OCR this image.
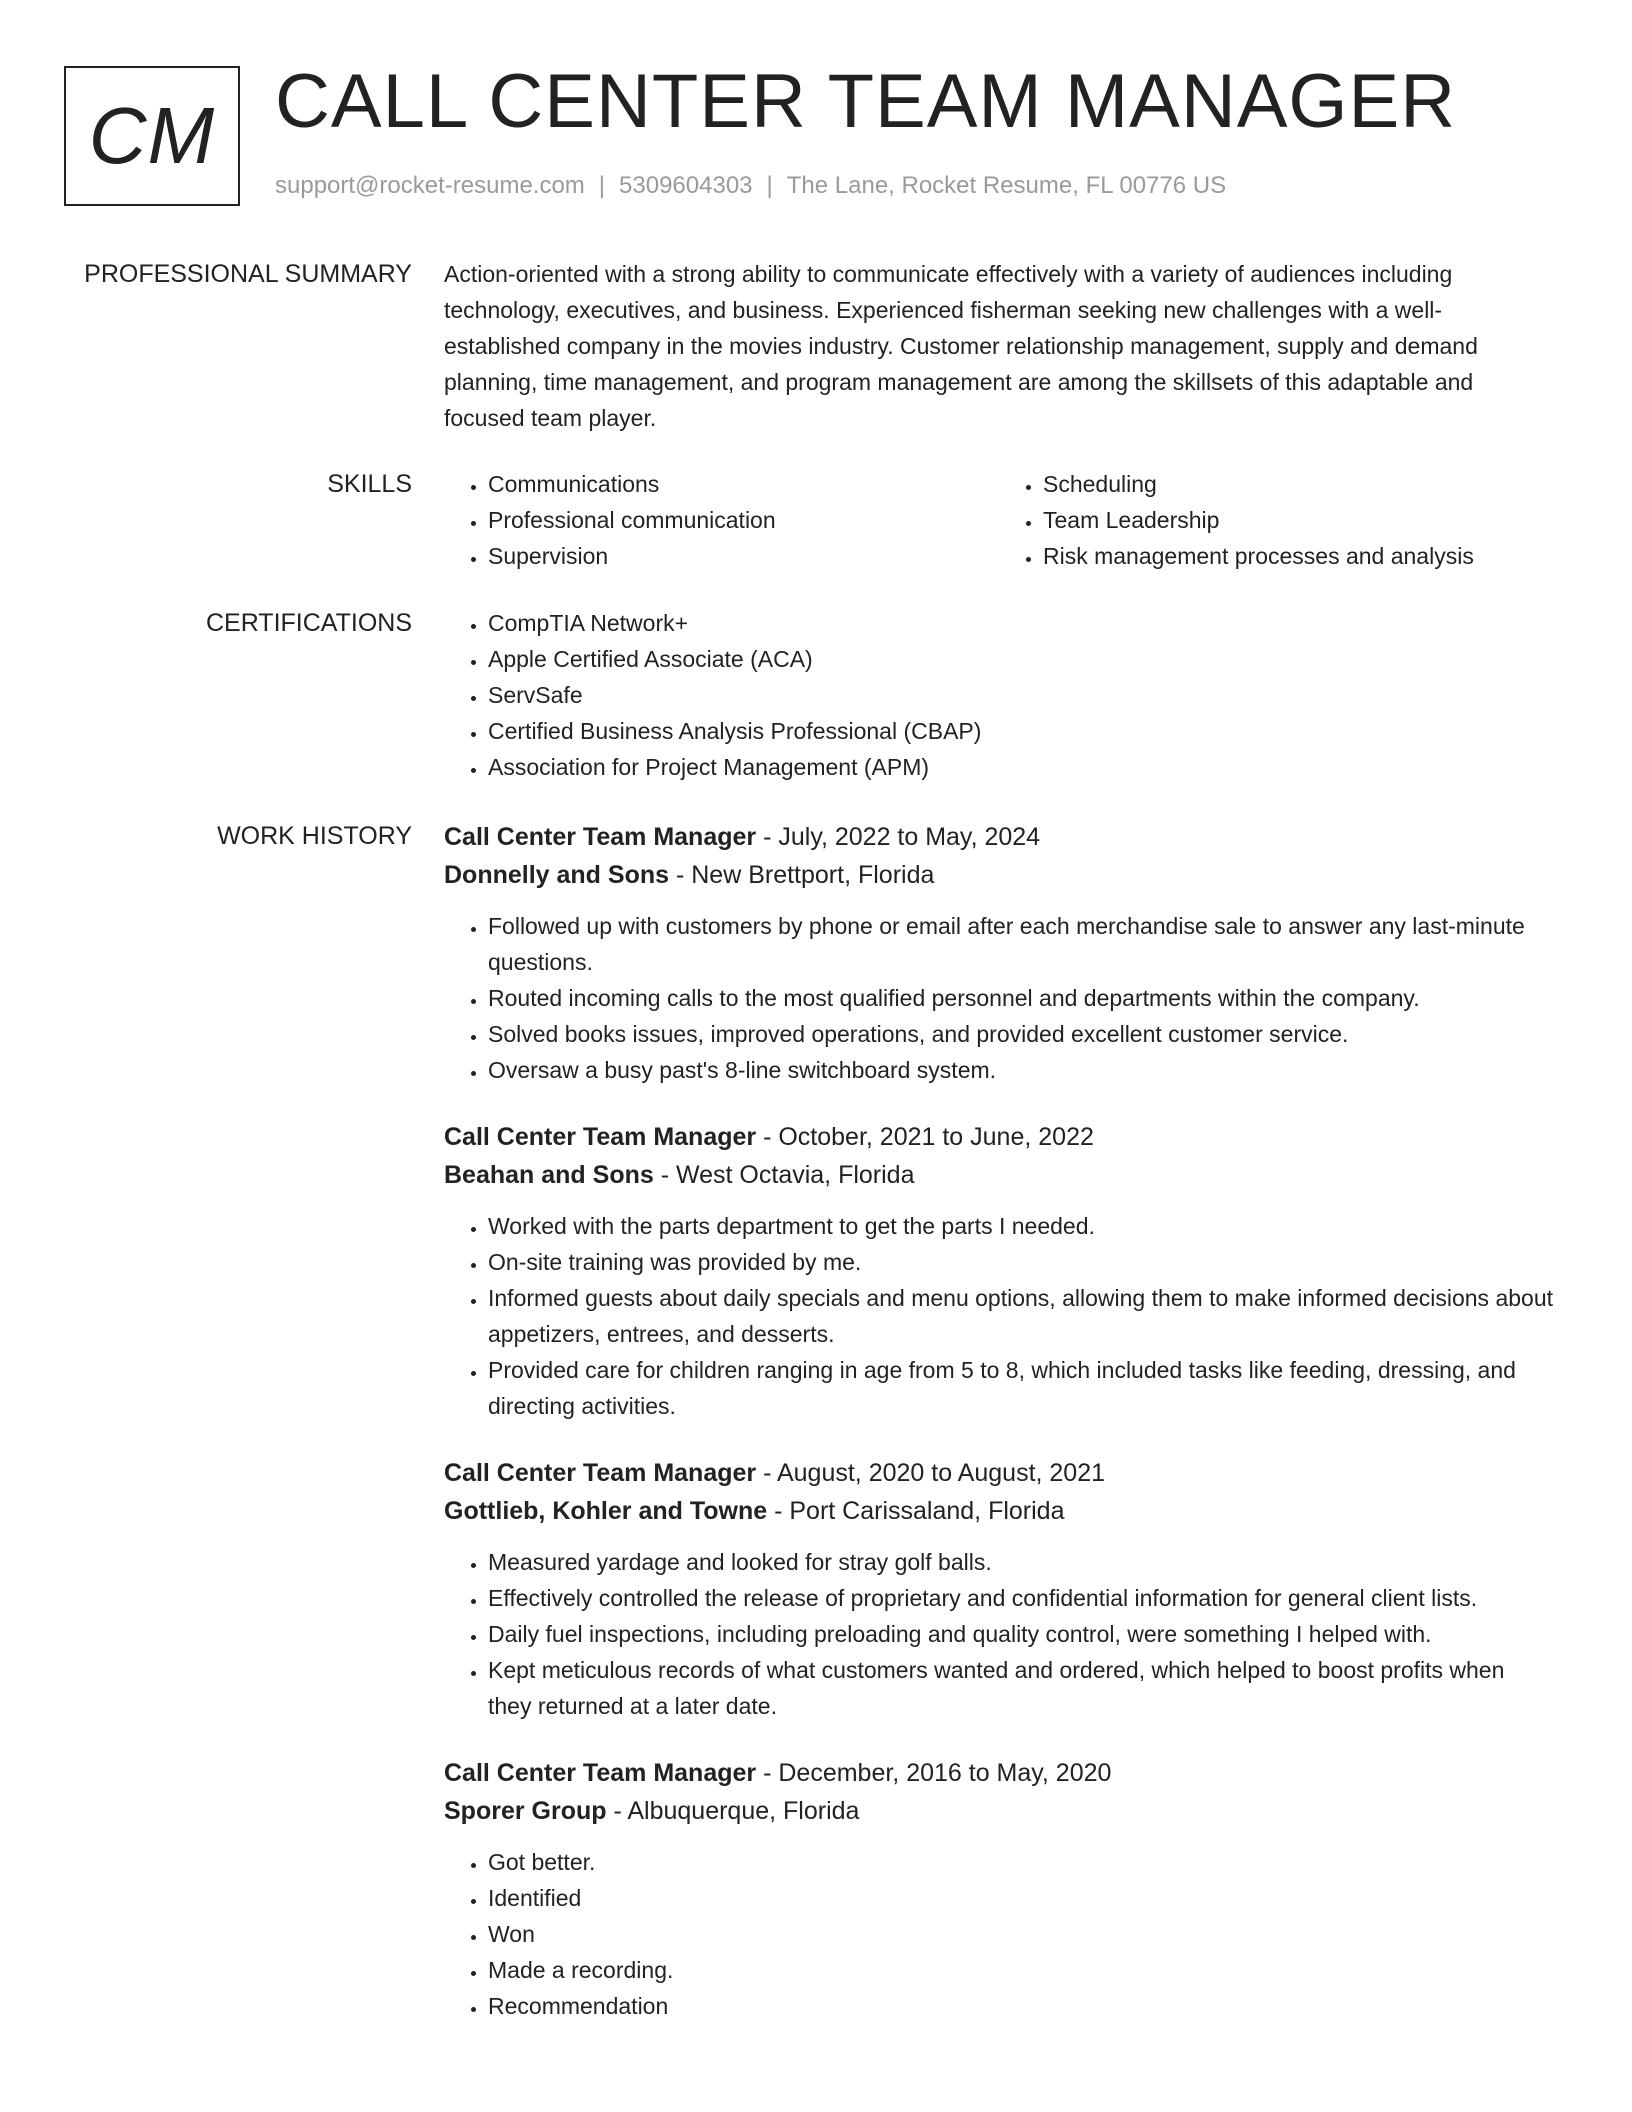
CM CALL CENTER TEAM MANAGER
support@rocket-resume.com | 5309604303 | The Lane, Rocket Resume, FL 00776 US
PROFESSIONAL SUMMARY Action-oriented with a strong ability to communicate effectively with a variety of audiences including technology, executives, and business. Experienced fisherman seeking new challenges with a well-established company in the movies industry. Customer relationship management, supply and demand planning, time management, and program management are among the skillsets of this adaptable and focused team player.
SKILLS	• Communications
• Professional communication
• Supervision
• Scheduling
• Team Leadership
• Risk management processes and analysis
CERTIFICATIONS	• CompTIA Network+
• Apple Certified Associate (ACA)
• ServSafe
• Certified Business Analysis Professional (CBAP)
• Association for Project Management (APM)
WORK HISTORY Call Center Team Manager - July, 2022 to May, 2024
Donnelly and Sons - New Brettport, Florida
• Followed up with customers by phone or email after each merchandise sale to answer any last-minute questions.
• Routed incoming calls to the most qualified personnel and departments within the company.
• Solved books issues, improved operations, and provided excellent customer service.
• Oversaw a busy past's 8-line switchboard system.
Call Center Team Manager - October, 2021 to June, 2022
Beahan and Sons - West Octavia, Florida
• Worked with the parts department to get the parts I needed.
• On-site training was provided by me.
• Informed guests about daily specials and menu options, allowing them to make informed decisions about appetizers, entrees, and desserts.
• Provided care for children ranging in age from 5 to 8, which included tasks like feeding, dressing, and directing activities.
Call Center Team Manager - August, 2020 to August, 2021
Gottlieb, Kohler and Towne - Port Carissaland, Florida
• Measured yardage and looked for stray golf balls.
• Effectively controlled the release of proprietary and confidential information for general client lists.
• Daily fuel inspections, including preloading and quality control, were something I helped with.
• Kept meticulous records of what customers wanted and ordered, which helped to boost profits when they returned at a later date.
Call Center Team Manager - December, 2016 to May, 2020
Sporer Group - Albuquerque, Florida
• Got better.
• Identified
• Won
• Made a recording.
• Recommendation
